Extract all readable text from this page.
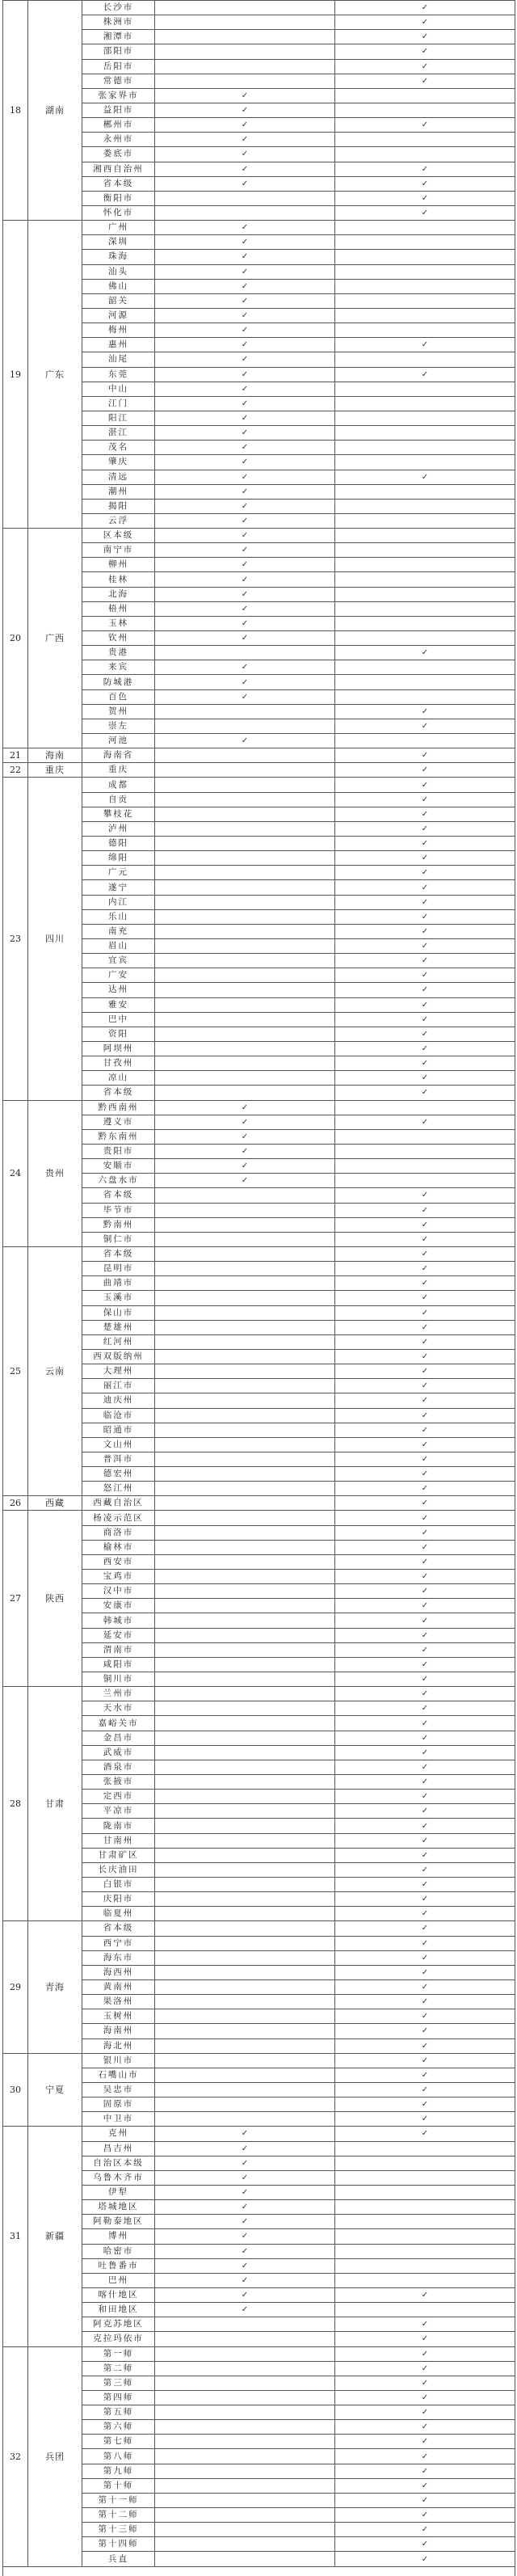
18	湖南	长沙市		✓
		株洲市		✓
		湘潭市		✓
		邵阳市		✓
		岳阳市		✓
		常德市		✓
		张家界市	✓	
		益阳市	✓	
		郴州市	✓	✓
		永州市	✓	
		娄底市	✓	
		湘西自治州	✓	✓
		省本级	✓	✓
		衡阳市		✓
		怀化市		✓
19	广东	广州	✓	
		深圳	✓	
		珠海	✓	
		汕头	✓	
		佛山	✓	
		韶关	✓	
		河源	✓	
		梅州	✓	
		惠州	✓	✓
		汕尾	✓	
		东莞	✓	✓
		中山	✓	
		江门	✓	
		阳江	✓	
		湛江	✓	
		茂名	✓	
		肇庆	✓	
		清远	✓	✓
		潮州	✓	
		揭阳	✓	
		云浮	✓	
20	广西	区本级	✓	
		南宁市	✓	
		柳州	✓	
		桂林	✓	
		北海	✓	
		梧州	✓	
		玉林	✓	
		钦州	✓	
		贵港		✓
		来宾	✓	
		防城港	✓	
		百色	✓	
		贺州		✓
		崇左		✓
		河池	✓	
21	海南	海南省		✓
22	重庆	重庆		✓
23	四川	成都		✓
		自贡		✓
		攀枝花		✓
		泸州		✓
		德阳		✓
		绵阳		✓
		广元		✓
		遂宁		✓
		内江		✓
		乐山		✓
		南充		✓
		眉山		✓
		宜宾		✓
		广安		✓
		达州		✓
		雅安		✓
		巴中		✓
		资阳		✓
		阿坝州		✓
		甘孜州		✓
		凉山		✓
		省本级		✓
24	贵州	黔西南州	✓	
		遵义市	✓	✓
		黔东南州	✓	
		贵阳市	✓	
		安顺市	✓	
		六盘水市	✓	
		省本级		✓
		毕节市		✓
		黔南州		✓
		铜仁市		✓
25	云南	省本级		✓
		昆明市		✓
		曲靖市		✓
		玉溪市		✓
		保山市		✓
		楚雄州		✓
		红河州		✓
		西双版纳州		✓
		大理州		✓
		丽江市		✓
		迪庆州		✓
		临沧市		✓
		昭通市		✓
		文山州		✓
		普洱市		✓
		德宏州		✓
		怒江州		✓
26	西藏	西藏自治区		✓
27	陕西	杨凌示范区		✓
		商洛市		✓
		榆林市		✓
		西安市		✓
		宝鸡市		✓
		汉中市		✓
		安康市		✓
		韩城市		✓
		延安市		✓
		渭南市		✓
		咸阳市		✓
		铜川市		✓
28	甘肃	兰州市		✓
		天水市		✓
		嘉峪关市		✓
		金昌市		✓
		武威市		✓
		酒泉市		✓
		张掖市		✓
		定西市		✓
		平凉市		✓
		陇南市		✓
		甘南州		✓
		甘肃矿区		✓
		长庆油田		✓
		白银市		✓
		庆阳市		✓
		临夏州		✓
29	青海	省本级		✓
		西宁市		✓
		海东市		✓
		海西州		✓
		黄南州		✓
		果洛州		✓
		玉树州		✓
		海南州		✓
		海北州		✓
30	宁夏	银川市		✓
		石嘴山市		✓
		吴忠市		✓
		固原市		✓
		中卫市		✓
31	新疆	克州	✓	✓
		昌吉州	✓	
		自治区本级	✓	
		乌鲁木齐市	✓	
		伊犁	✓	
		塔城地区	✓	
		阿勒泰地区	✓	
		博州	✓	
		哈密市	✓	
		吐鲁番市	✓	
		巴州	✓	
		喀什地区	✓	✓
		和田地区	✓	
		阿克苏地区		✓
		克拉玛依市		✓
32	兵团	第一师		✓
		第二师		✓
		第三师		✓
		第四师		✓
		第五师		✓
		第六师		✓
		第七师		✓
		第八师		✓
		第九师		✓
		第十师		✓
		第十一师		✓
		第十二师		✓
		第十三师		✓
		第十四师		✓
		兵直		✓
